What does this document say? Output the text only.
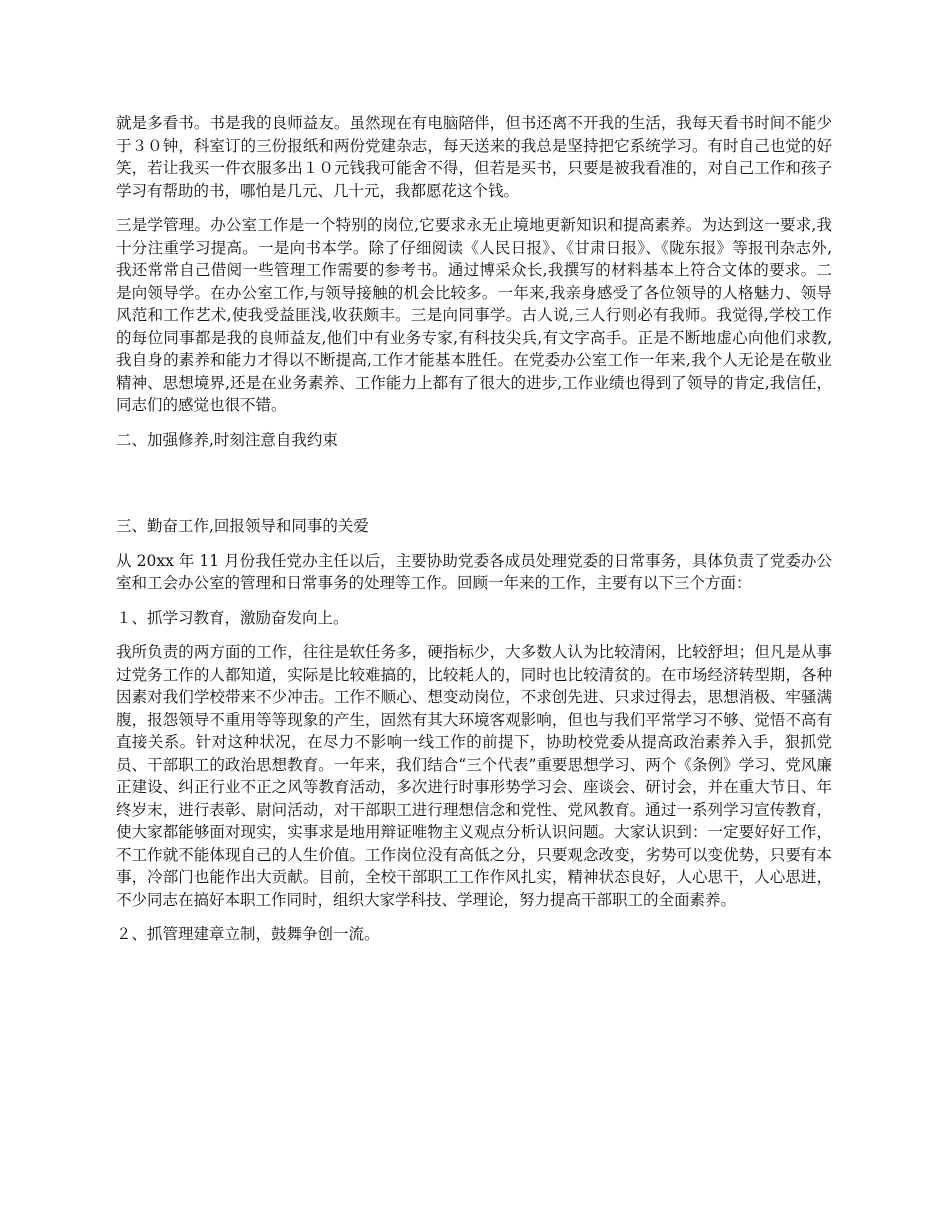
就是多看书。书是我的良师益友。虽然现在有电脑陪伴，但书还离不开我的生活，我每天看书时间不能少于３０钟，科室订的三份报纸和两份党建杂志，每天送来的我总是坚持把它系统学习。有时自己也觉的好笑，若让我买一件衣服多出１０元钱我可能舍不得，但若是买书，只要是被我看准的，对自己工作和孩子学习有帮助的书，哪怕是几元、几十元，我都愿花这个钱。

三是学管理。办公室工作是一个特别的岗位,它要求永无止境地更新知识和提高素养。为达到这一要求,我十分注重学习提高。一是向书本学。除了仔细阅读《人民日报》、《甘肃日报》、《陇东报》等报刊杂志外,我还常常自己借阅一些管理工作需要的参考书。通过博采众长,我撰写的材料基本上符合文体的要求。二是向领导学。在办公室工作,与领导接触的机会比较多。一年来,我亲身感受了各位领导的人格魅力、领导风范和工作艺术,使我受益匪浅,收获颇丰。三是向同事学。古人说,三人行则必有我师。我觉得,学校工作的每位同事都是我的良师益友,他们中有业务专家,有科技尖兵,有文字高手。正是不断地虚心向他们求教,我自身的素养和能力才得以不断提高,工作才能基本胜任。在党委办公室工作一年来,我个人无论是在敬业精神、思想境界,还是在业务素养、工作能力上都有了很大的进步,工作业绩也得到了领导的肯定,我信任，同志们的感觉也很不错。

二、加强修养,时刻注意自我约束

三、勤奋工作,回报领导和同事的关爱

从 20xx 年 11 月份我任党办主任以后，主要协助党委各成员处理党委的日常事务，具体负责了党委办公室和工会办公室的管理和日常事务的处理等工作。回顾一年来的工作，主要有以下三个方面：

１、抓学习教育，激励奋发向上。

我所负责的两方面的工作，往往是软任务多，硬指标少，大多数人认为比较清闲，比较舒坦；但凡是从事过党务工作的人都知道，实际是比较难搞的，比较耗人的，同时也比较清贫的。在市场经济转型期，各种因素对我们学校带来不少冲击。工作不顺心、想变动岗位，不求创先进、只求过得去，思想消极、牢骚满腹，报怨领导不重用等等现象的产生，固然有其大环境客观影响，但也与我们平常学习不够、觉悟不高有直接关系。针对这种状况，在尽力不影响一线工作的前提下，协助校党委从提高政治素养入手，狠抓党员、干部职工的政治思想教育。一年来，我们结合“三个代表”重要思想学习、两个《条例》学习、党风廉正建设、纠正行业不正之风等教育活动，多次进行时事形势学习会、座谈会、研讨会，并在重大节日、年终岁末，进行表彰、尉问活动，对干部职工进行理想信念和党性、党风教育。通过一系列学习宣传教育，使大家都能够面对现实，实事求是地用辩证唯物主义观点分析认识问题。大家认识到：一定要好好工作，不工作就不能体现自己的人生价值。工作岗位没有高低之分，只要观念改变，劣势可以变优势，只要有本事，冷部门也能作出大贡献。目前，全校干部职工工作作风扎实，精神状态良好，人心思干，人心思进，不少同志在搞好本职工作同时，组织大家学科技、学理论，努力提高干部职工的全面素养。

２、抓管理建章立制，鼓舞争创一流。
